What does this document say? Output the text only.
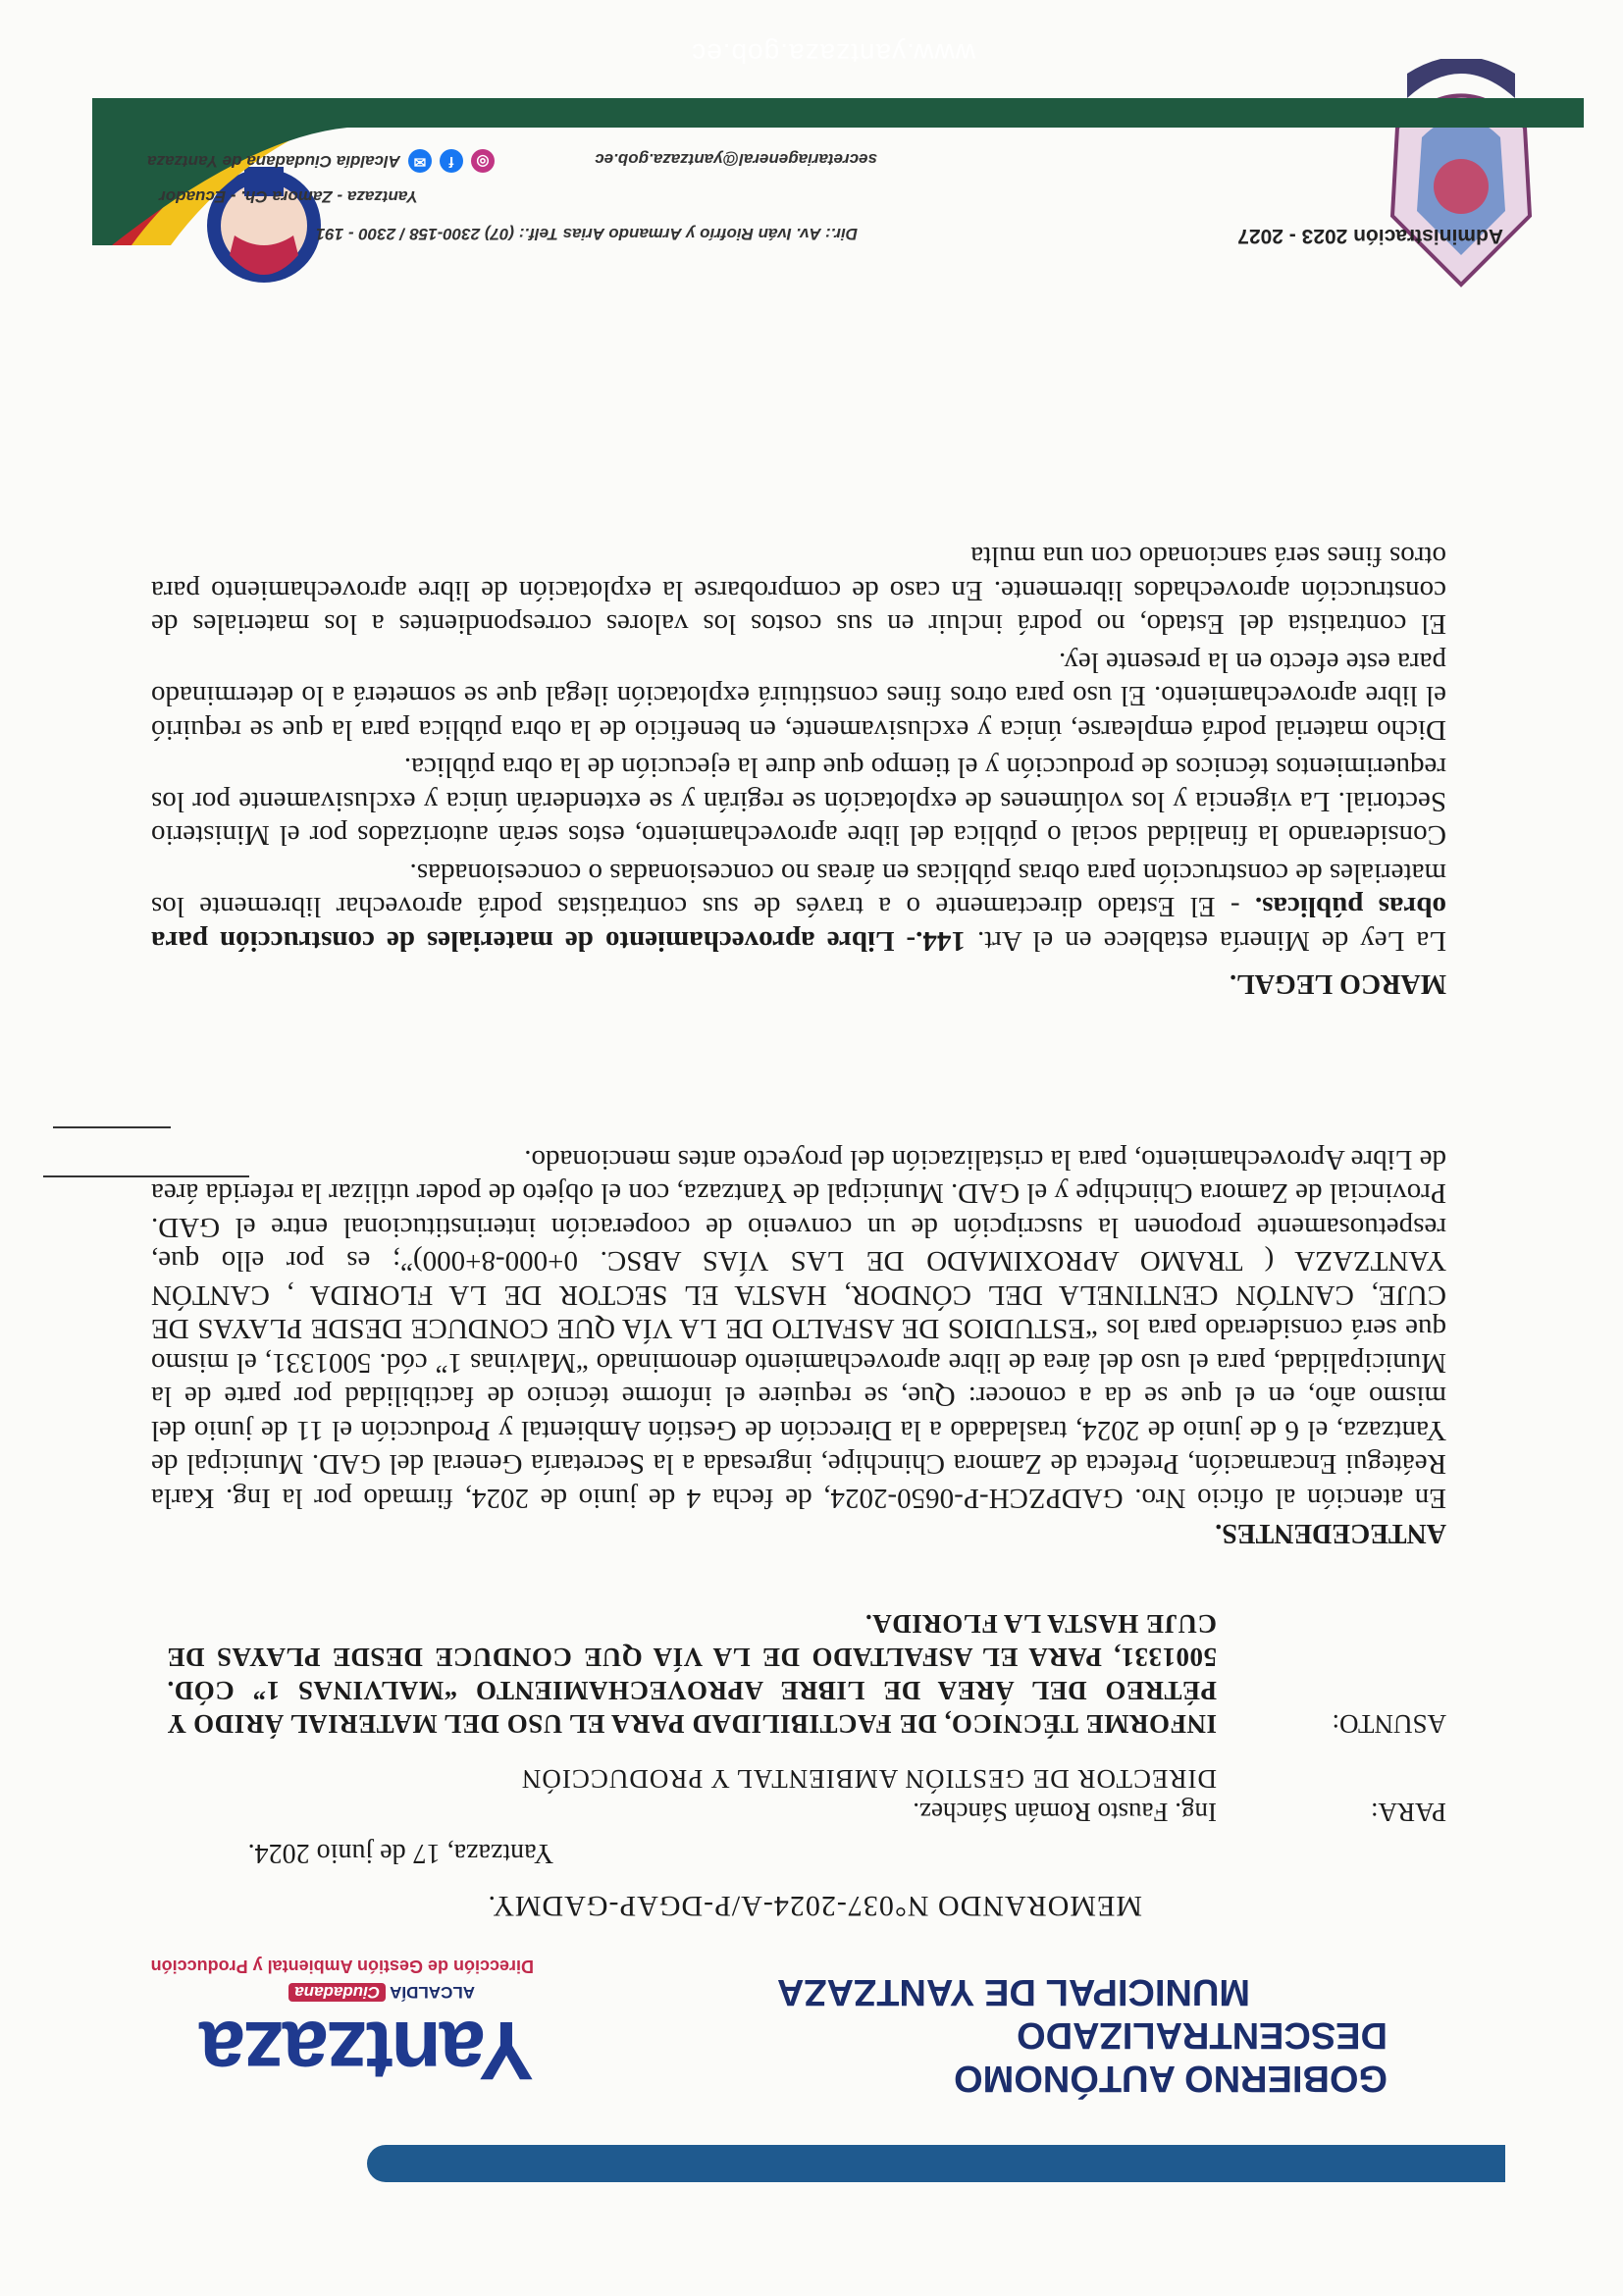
GOBIERNO AUTÓNOMO DESCENTRALIZADO
MUNICIPAL DE YANTZAZA
Yantzaza
ALCALDÍACiudadana
Dirección de Gestión Ambiental y Producción
MEMORANDO N°037-2024-A/P-DGAP-GADMY.
Yantzaza, 17 de junio 2024.
PARA:
Ing. Fausto Román Sánchez.
DIRECTOR DE GESTIÓN AMBIENTAL Y PRODUCCIÓN
ASUNTO:
INFORME TÉCNICO, DE FACTIBILIDAD PARA EL USO DEL MATERIAL ÁRIDO Y PÉTREO DEL ÁREA DE LIBRE APROVECHAMIENTO “MALVINAS 1” CÓD. 5001331, PARA EL ASFALTADO DE LA VÍA QUE CONDUCE DESDE PLAYAS DE CUJE HASTA LA FLORIDA.
ANTECEDENTES.
En atención al oficio Nro. GADPZCH-P-0650-2024, de fecha 4 de junio de 2024, firmado por la Ing. Karla Reátegui Encarnación, Prefecta de Zamora Chinchipe, ingresada a la Secretaría General del GAD. Municipal de Yantzaza, el 6 de junio de 2024, trasladado a la Dirección de Gestión Ambiental y Producción el 11 de junio del mismo año, en el que se da a conocer: Que, se requiere el informe técnico de factibilidad por parte de la Municipalidad, para el uso del área de libre aprovechamiento denominado “Malvinas 1” cód. 5001331, el mismo que será considerado para los “ESTUDIOS DE ASFALTO DE LA VÍA QUE CONDUCE DESDE PLAYAS DE CUJE, CANTÓN CENTINELA DEL CÓNDOR, HASTA EL SECTOR DE LA FLORIDA , CANTÓN YANTZAZA ( TRAMO APROXIMADO DE LAS VÍAS ABSC. 0+000-8+000)”; es por ello que, respetuosamente proponen la suscripción de un convenio de cooperación interinstitucional entre el GAD. Provincial de Zamora Chinchipe y el GAD. Municipal de Yantzaza, con el objeto de poder utilizar la referida área de Libre Aprovechamiento, para la cristalización del proyecto antes mencionado.
MARCO LEGAL.
La Ley de Minería establece en el Art. 144.- Libre aprovechamiento de materiales de construcción para obras públicas. - El Estado directamente o a través de sus contratistas podrá aprovechar libremente los materiales de construcción para obras públicas en áreas no concesionadas o concesionadas.
Considerando la finalidad social o pública del libre aprovechamiento, estos serán autorizados por el Ministerio Sectorial. La vigencia y los volúmenes de explotación se regirán y se extenderán única y exclusivamente por los requerimientos técnicos de producción y el tiempo que dure la ejecución de la obra pública.
Dicho material podrá emplearse, única y exclusivamente, en beneficio de la obra pública para la que se requirió el libre aprovechamiento. El uso para otros fines constituirá explotación ilegal que se someterá a lo determinado para este efecto en la presente ley.
El contratista del Estado, no podrá incluir en sus costos los valores correspondientes a los materiales de construcción aprovechados libremente. En caso de comprobarse la explotación de libre aprovechamiento para otros fines será sancionado con una multa
Administración 2023 - 2027
Dir.: Av. Iván Riofrío y Armando Arias Telf.: (07) 2300-158 / 2300 - 191
Yantzaza - Zamora Ch. - Ecuador
secretariageneral@yantzaza.gob.ec
◎
f
✉
Alcaldía Ciudadana de Yantzaza
www.yantzaza.gob.ec
